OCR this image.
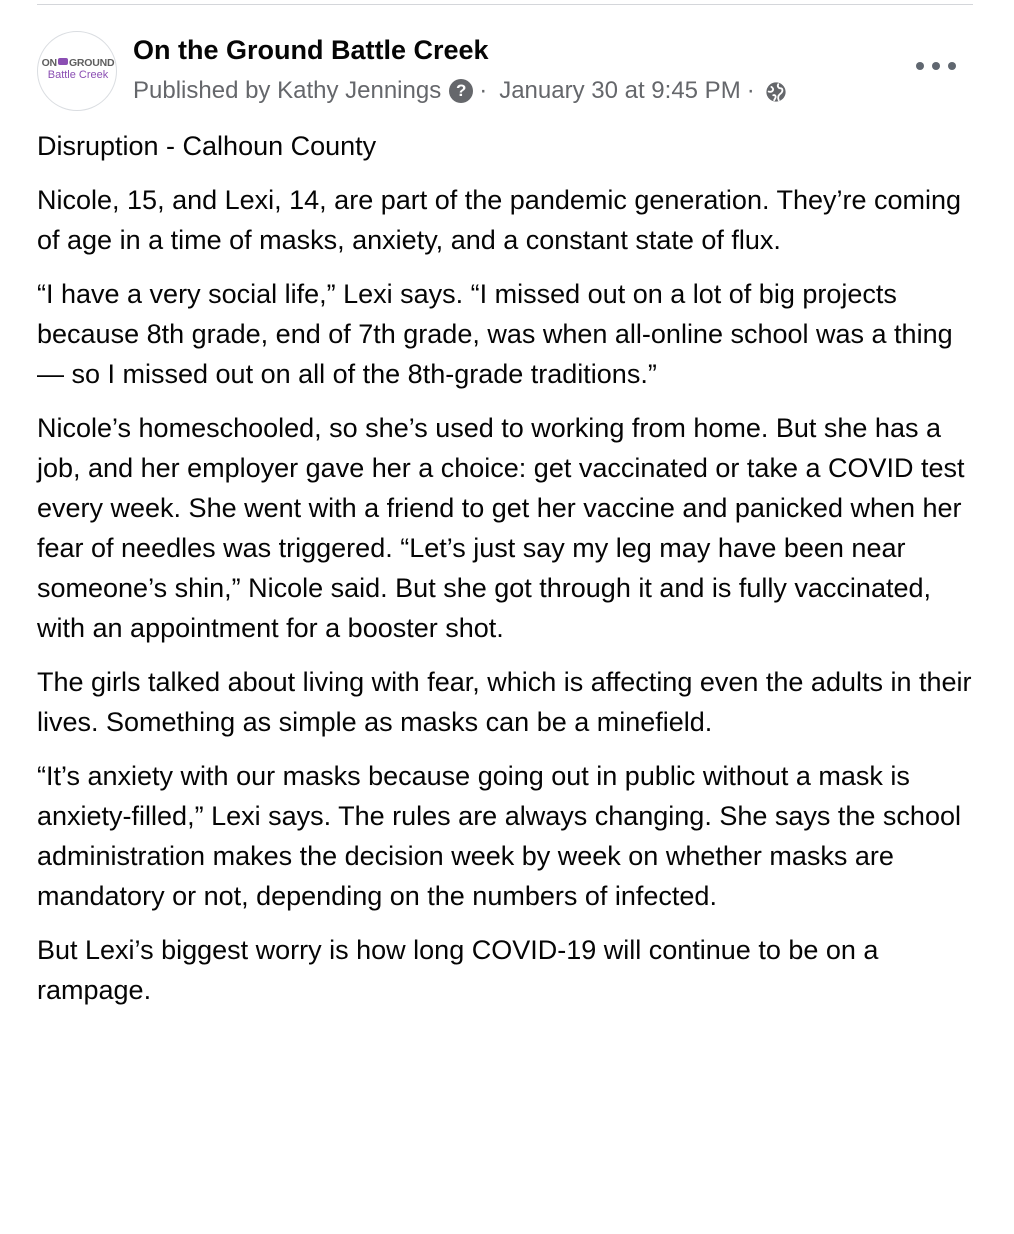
ON GROUND
Battle Creek
On the Ground Battle Creek
Published by Kathy Jennings ? · January 30 at 9:45 PM ·

Disruption - Calhoun County

Nicole, 15, and Lexi, 14, are part of the pandemic generation. They’re coming of age in a time of masks, anxiety, and a constant state of flux.

“I have a very social life,” Lexi says. “I missed out on a lot of big projects because 8th grade, end of 7th grade, was when all-online school was a thing — so I missed out on all of the 8th-grade traditions.”

Nicole’s homeschooled, so she’s used to working from home. But she has a job, and her employer gave her a choice: get vaccinated or take a COVID test every week. She went with a friend to get her vaccine and panicked when her fear of needles was triggered. “Let’s just say my leg may have been near someone’s shin,” Nicole said. But she got through it and is fully vaccinated, with an appointment for a booster shot.

The girls talked about living with fear, which is affecting even the adults in their lives. Something as simple as masks can be a minefield.

“It’s anxiety with our masks because going out in public without a mask is anxiety-filled,” Lexi says. The rules are always changing. She says the school administration makes the decision week by week on whether masks are mandatory or not, depending on the numbers of infected.

But Lexi’s biggest worry is how long COVID-19 will continue to be on a rampage.
